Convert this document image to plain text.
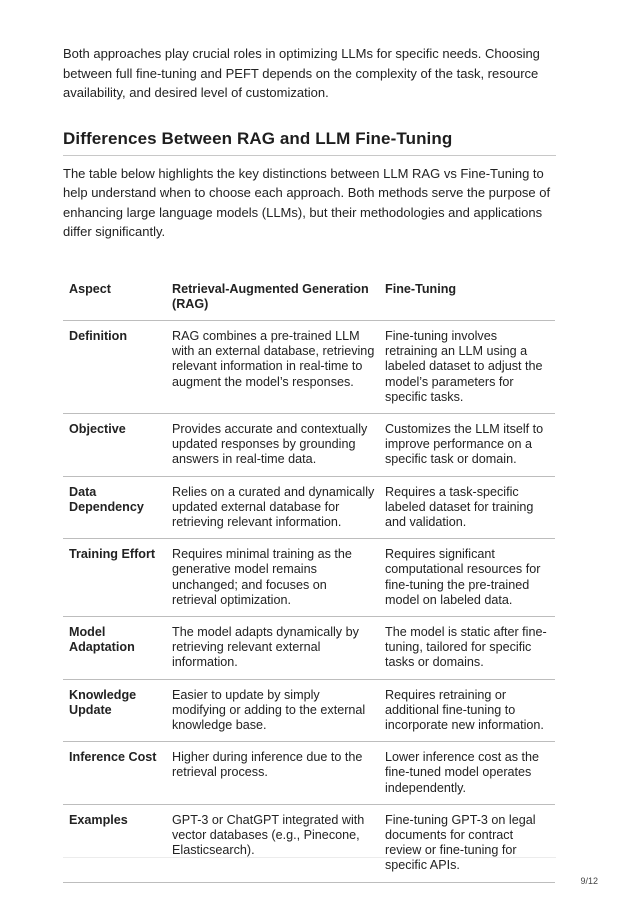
Both approaches play crucial roles in optimizing LLMs for specific needs. Choosing between full fine-tuning and PEFT depends on the complexity of the task, resource availability, and desired level of customization.

Differences Between RAG and LLM Fine-Tuning

The table below highlights the key distinctions between LLM RAG vs Fine-Tuning to help understand when to choose each approach. Both methods serve the purpose of enhancing large language models (LLMs), but their methodologies and applications differ significantly.

Aspect	Retrieval-Augmented Generation (RAG)	Fine-Tuning
Definition	RAG combines a pre-trained LLM with an external database, retrieving relevant information in real-time to augment the model’s responses.	Fine-tuning involves retraining an LLM using a labeled dataset to adjust the model’s parameters for specific tasks.
Objective	Provides accurate and contextually updated responses by grounding answers in real-time data.	Customizes the LLM itself to improve performance on a specific task or domain.
Data Dependency	Relies on a curated and dynamically updated external database for retrieving relevant information.	Requires a task-specific labeled dataset for training and validation.
Training Effort	Requires minimal training as the generative model remains unchanged; and focuses on retrieval optimization.	Requires significant computational resources for fine-tuning the pre-trained model on labeled data.
Model Adaptation	The model adapts dynamically by retrieving relevant external information.	The model is static after fine-tuning, tailored for specific tasks or domains.
Knowledge Update	Easier to update by simply modifying or adding to the external knowledge base.	Requires retraining or additional fine-tuning to incorporate new information.
Inference Cost	Higher during inference due to the retrieval process.	Lower inference cost as the fine-tuned model operates independently.
Examples	GPT-3 or ChatGPT integrated with vector databases (e.g., Pinecone, Elasticsearch).	Fine-tuning GPT-3 on legal documents for contract review or fine-tuning for specific APIs.
9/12
